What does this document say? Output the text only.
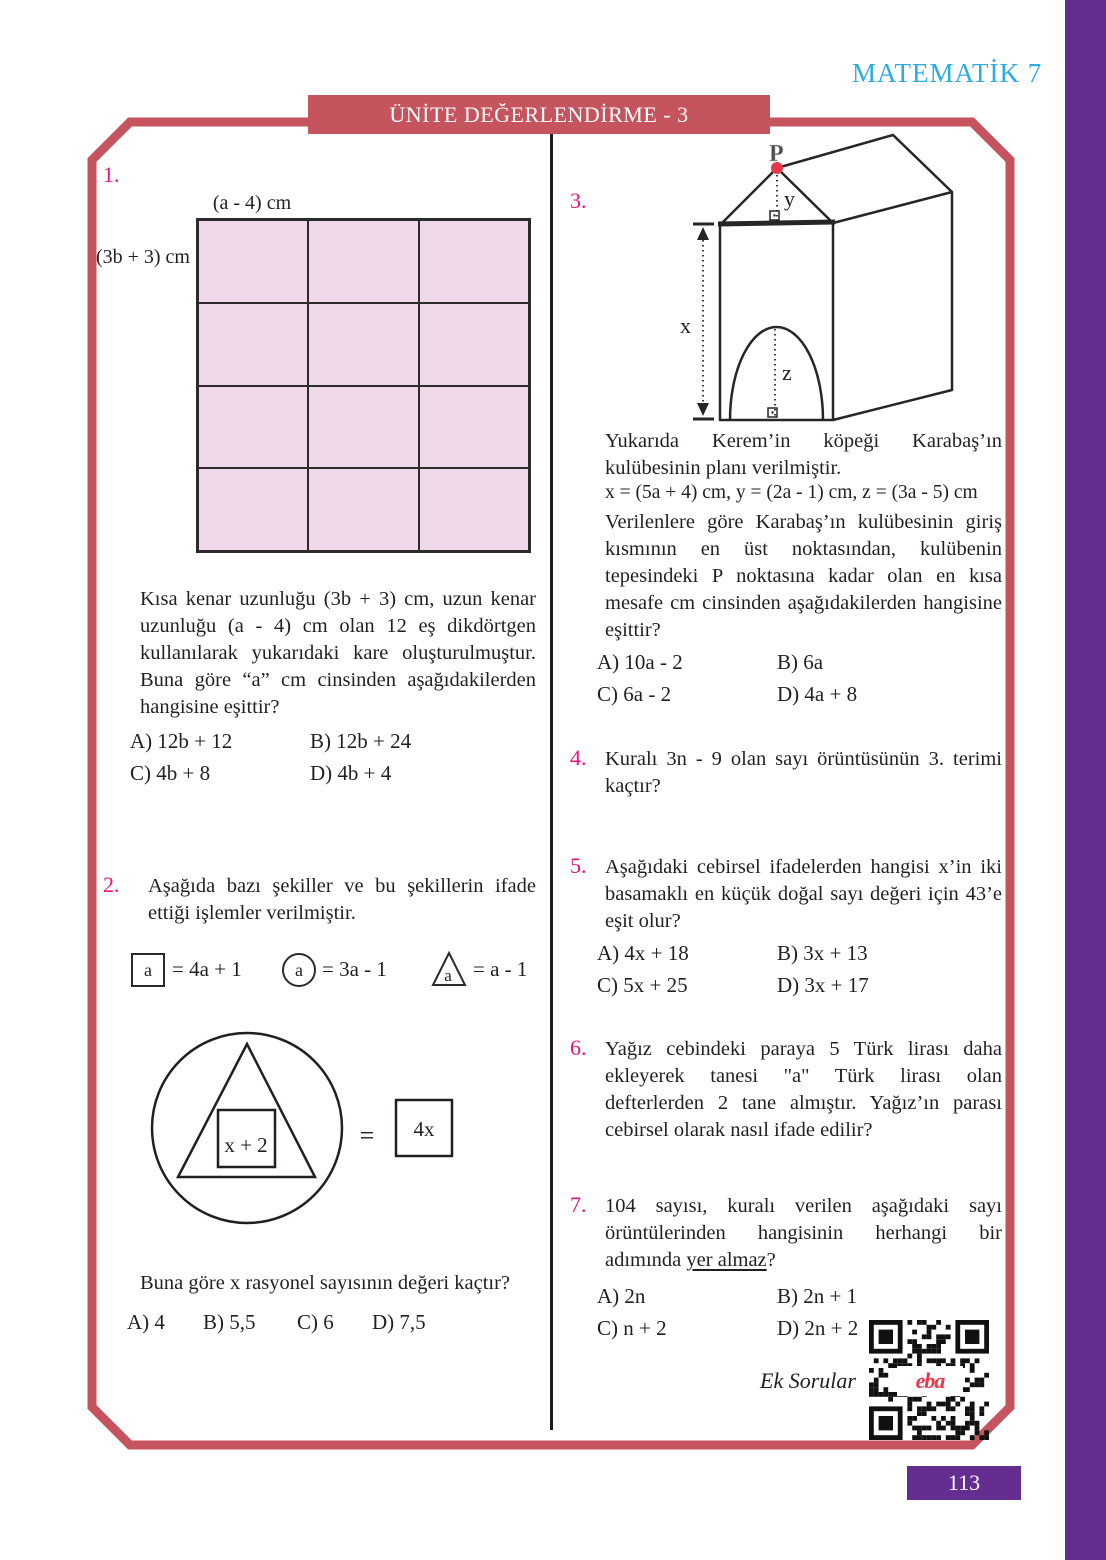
MATEMATİK 7
ÜNİTE DEĞERLENDİRME - 3
1.
(a - 4) cm
(3b + 3) cm
Kısa kenar uzunluğu (3b + 3) cm, uzun kenar uzunluğu (a - 4) cm olan 12 eş dikdörtgen kullanılarak yukarıdaki kare oluşturulmuştur. Buna göre “a” cm cinsinden aşağıdakilerden hangisine eşittir?
A) 12b + 12	B) 12b + 24
C) 4b + 8	D) 4b + 4
2. Aşağıda bazı şekiller ve bu şekillerin ifade ettiği işlemler verilmiştir.
a = 4a + 1	a = 3a - 1	a = a - 1
x + 2	= 4x
Buna göre x rasyonel sayısının değeri kaçtır?
A) 4 B) 5,5 C) 6 D) 7,5
3.
P
x
y
z
Yukarıda Kerem’in köpeği Karabaş’ın kulübesinin planı verilmiştir.
x = (5a + 4) cm, y = (2a - 1) cm, z = (3a - 5) cm
Verilenlere göre Karabaş’ın kulübesinin giriş kısmının en üst noktasından, kulübenin tepesindeki P noktasına kadar olan en kısa mesafe cm cinsinden aşağıdakilerden hangisine eşittir?
A) 10a - 2	B) 6a
C) 6a - 2	D) 4a + 8
4. Kuralı 3n - 9 olan sayı örüntüsünün 3. terimi kaçtır?
5. Aşağıdaki cebirsel ifadelerden hangisi x’in iki basamaklı en küçük doğal sayı değeri için 43’e eşit olur?
A) 4x + 18	B) 3x + 13
C) 5x + 25	D) 3x + 17
6. Yağız cebindeki paraya 5 Türk lirası daha ekleyerek tanesi "a" Türk lirası olan defterlerden 2 tane almıştır. Yağız’ın parası cebirsel olarak nasıl ifade edilir?
7. 104 sayısı, kuralı verilen aşağıdaki sayı örüntülerinden hangisinin herhangi bir adımında yer almaz?
A) 2n	B) 2n + 1
C) n + 2	D) 2n + 2
Ek Sorular	eba
113
